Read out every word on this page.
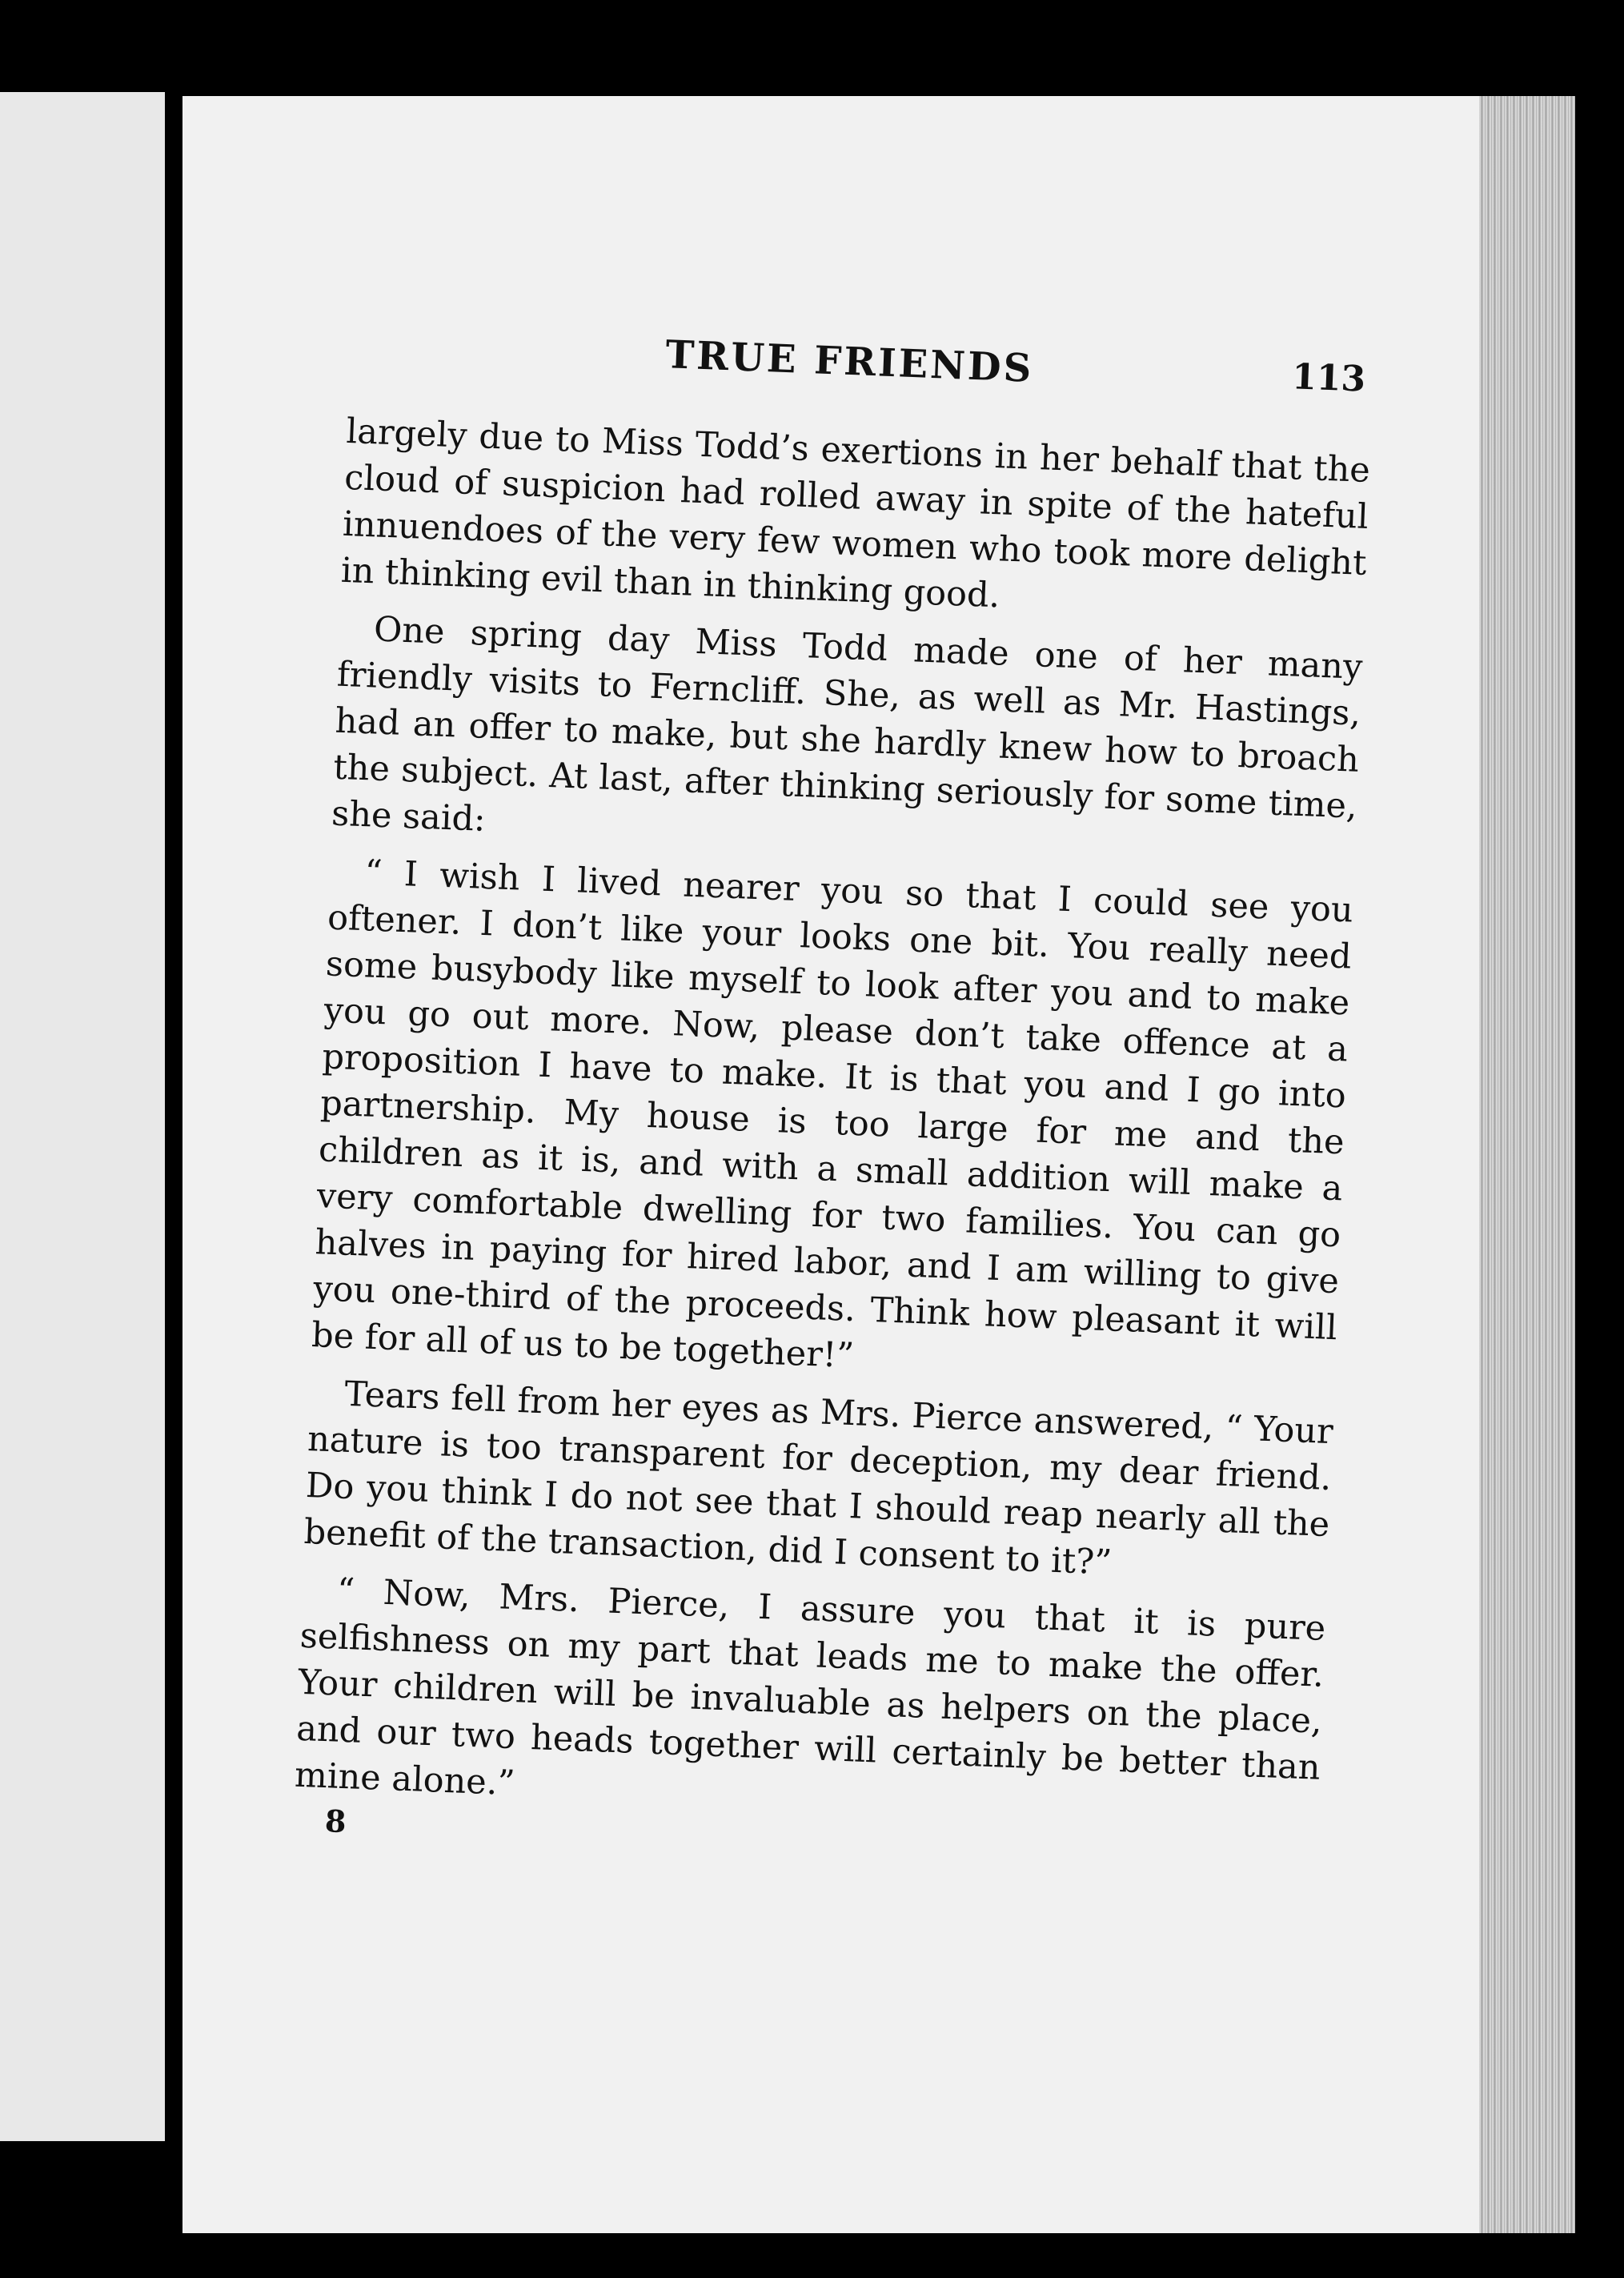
TRUE FRIENDS	113

largely due to Miss Todd’s exertions in her behalf that the cloud of suspicion had rolled away in spite of the hateful innuendoes of the very few women who took more delight in thinking evil than in thinking good.

One spring day Miss Todd made one of her many friendly visits to Ferncliff. She, as well as Mr. Hastings, had an offer to make, but she hardly knew how to broach the subject. At last, after thinking seriously for some time, she said:

“ I wish I lived nearer you so that I could see you oftener. I don’t like your looks one bit. You really need some busybody like myself to look after you and to make you go out more. Now, please don’t take offence at a proposition I have to make. It is that you and I go into partnership. My house is too large for me and the children as it is, and with a small addition will make a very comfortable dwelling for two families. You can go halves in paying for hired labor, and I am willing to give you one-third of the proceeds. Think how pleasant it will be for all of us to be together!”

Tears fell from her eyes as Mrs. Pierce answered, “ Your nature is too transparent for deception, my dear friend. Do you think I do not see that I should reap nearly all the benefit of the transaction, did I consent to it?”

“ Now, Mrs. Pierce, I assure you that it is pure selfishness on my part that leads me to make the offer. Your children will be invaluable as helpers on the place, and our two heads together will certainly be better than mine alone.”

8
